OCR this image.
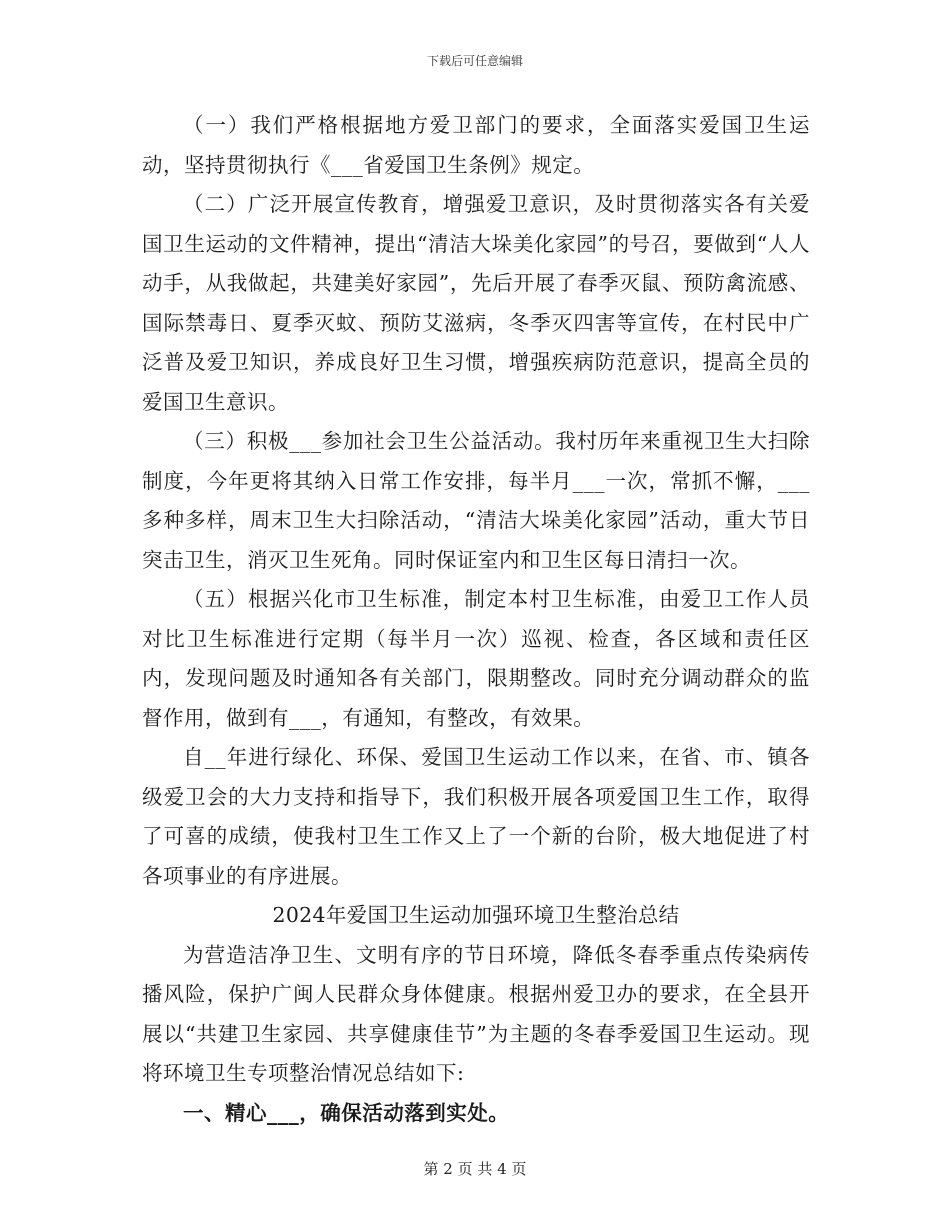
下载后可任意编辑

（一）我们严格根据地方爱卫部门的要求，全面落实爱国卫生运动，坚持贯彻执行《___省爱国卫生条例》规定。

（二）广泛开展宣传教育，增强爱卫意识，及时贯彻落实各有关爱国卫生运动的文件精神，提出“清洁大垛美化家园”的号召，要做到“人人动手，从我做起，共建美好家园”，先后开展了春季灭鼠、预防禽流感、国际禁毒日、夏季灭蚊、预防艾滋病，冬季灭四害等宣传，在村民中广泛普及爱卫知识，养成良好卫生习惯，增强疾病防范意识，提高全员的爱国卫生意识。

（三）积极___参加社会卫生公益活动。我村历年来重视卫生大扫除制度，今年更将其纳入日常工作安排，每半月___一次，常抓不懈，___多种多样，周末卫生大扫除活动，“清洁大垛美化家园”活动，重大节日突击卫生，消灭卫生死角。同时保证室内和卫生区每日清扫一次。

（五）根据兴化市卫生标准，制定本村卫生标准，由爱卫工作人员对比卫生标准进行定期（每半月一次）巡视、检查，各区域和责任区内，发现问题及时通知各有关部门，限期整改。同时充分调动群众的监督作用，做到有___，有通知，有整改，有效果。

自__年进行绿化、环保、爱国卫生运动工作以来，在省、市、镇各级爱卫会的大力支持和指导下，我们积极开展各项爱国卫生工作，取得了可喜的成绩，使我村卫生工作又上了一个新的台阶，极大地促进了村各项事业的有序进展。

2024年爱国卫生运动加强环境卫生整治总结

为营造洁净卫生、文明有序的节日环境，降低冬春季重点传染病传播风险，保护广闽人民群众身体健康。根据州爱卫办的要求，在全县开展以“共建卫生家园、共享健康佳节”为主题的冬春季爱国卫生运动。现将环境卫生专项整治情况总结如下:

一、精心___，确保活动落到实处。

第 2 页 共 4 页
